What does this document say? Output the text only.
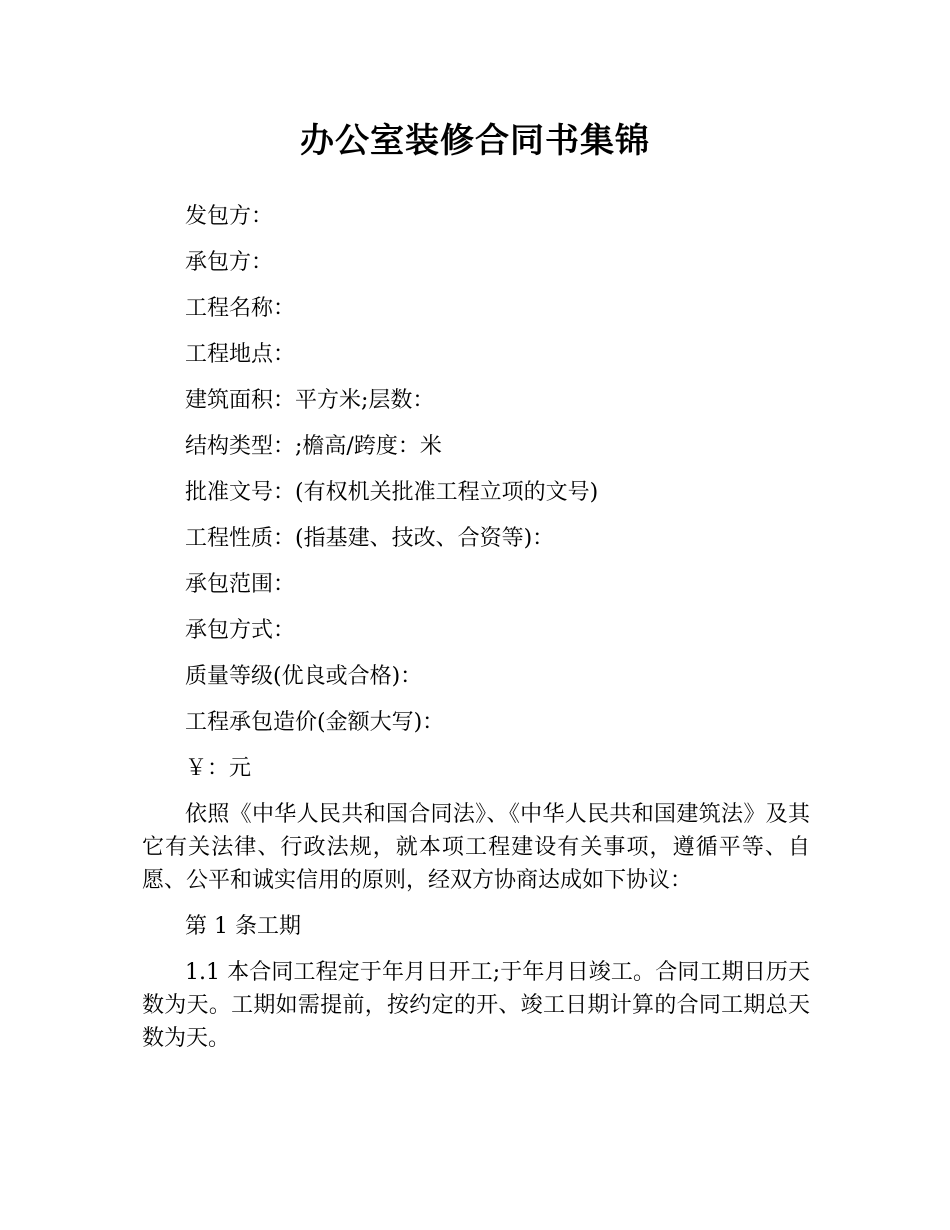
办公室装修合同书集锦

发包方：

承包方：

工程名称：

工程地点：

建筑面积：平方米;层数：

结构类型：;檐高/跨度：米

批准文号：(有权机关批准工程立项的文号)

工程性质：(指基建、技改、合资等)：

承包范围：

承包方式：

质量等级(优良或合格)：

工程承包造价(金额大写)：

￥：元

依照《中华人民共和国合同法》、《中华人民共和国建筑法》及其它有关法律、行政法规，就本项工程建设有关事项，遵循平等、自愿、公平和诚实信用的原则，经双方协商达成如下协议：

第 1 条工期

1.1 本合同工程定于年月日开工;于年月日竣工。合同工期日历天数为天。工期如需提前，按约定的开、竣工日期计算的合同工期总天数为天。
